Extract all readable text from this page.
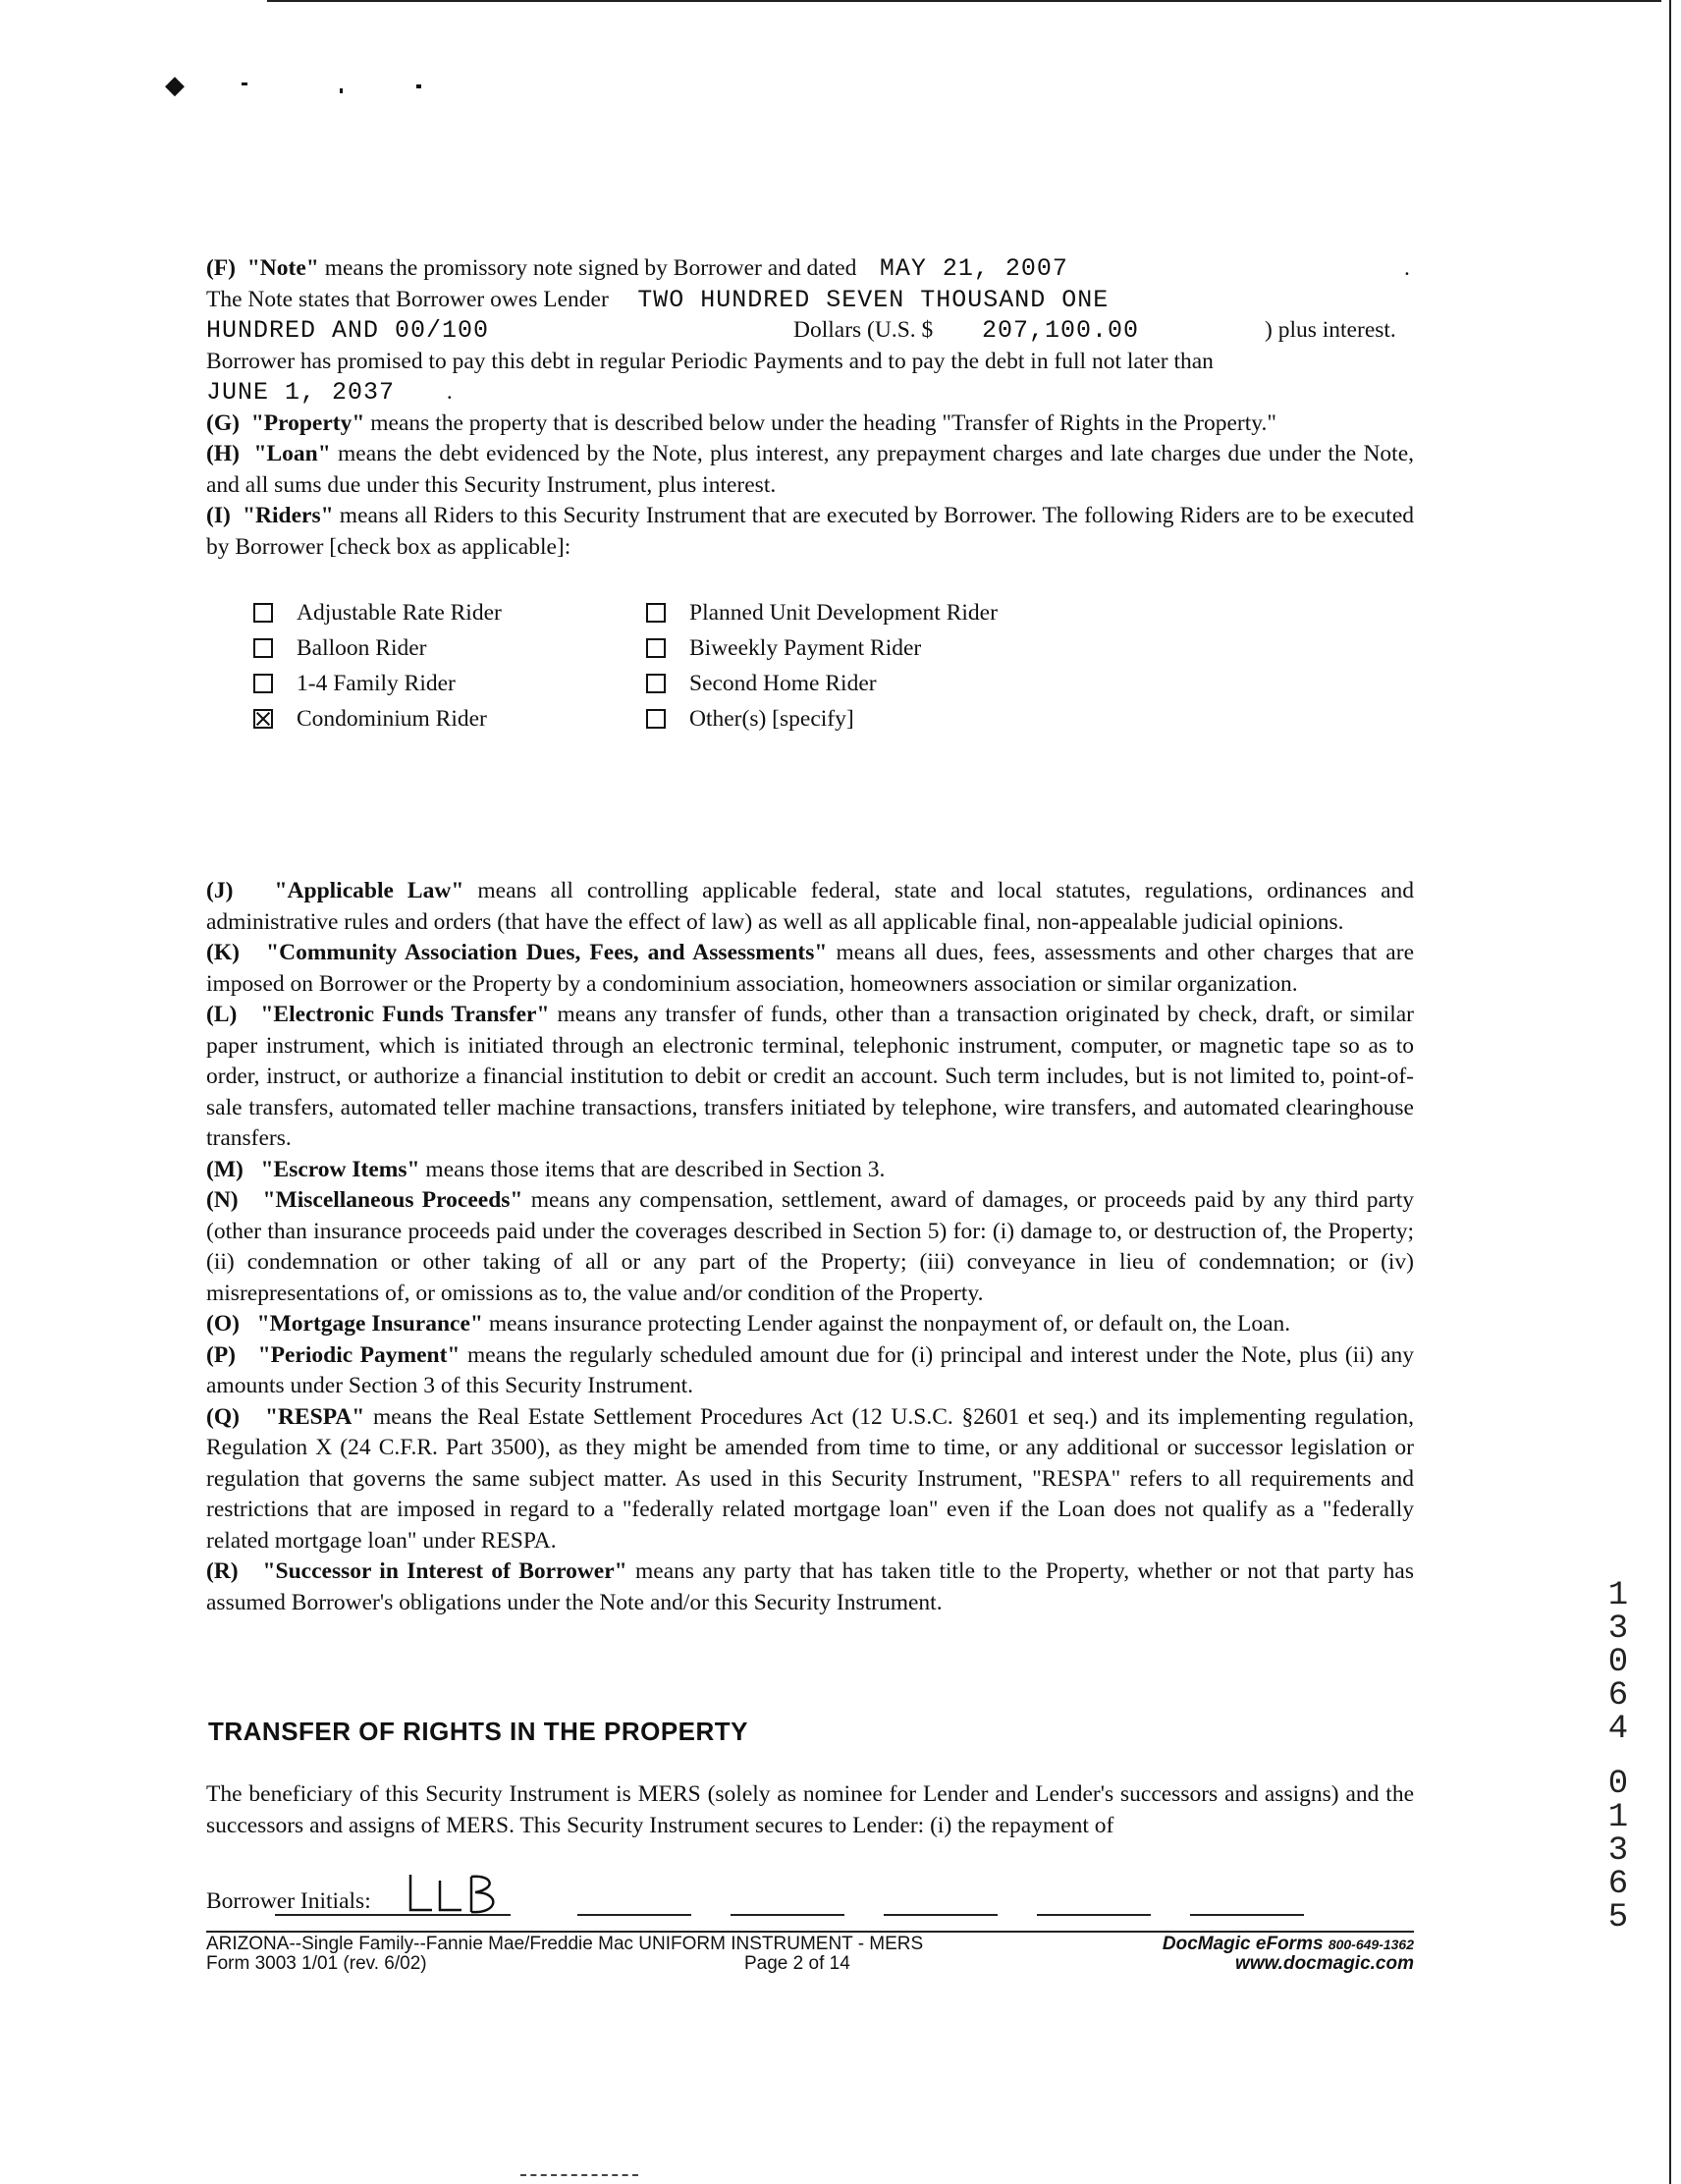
◆

(F) "Note" means the promissory note signed by Borrower and dated MAY 21, 2007	.
The Note states that Borrower owes Lender TWO HUNDRED SEVEN THOUSAND ONE
HUNDRED AND 00/100	Dollars (U.S. $ 207,100.00	) plus interest.
Borrower has promised to pay this debt in regular Periodic Payments and to pay the debt in full not later than
JUNE 1, 2037         .

(G) "Property" means the property that is described below under the heading "Transfer of Rights in the Property."

(H) "Loan" means the debt evidenced by the Note, plus interest, any prepayment charges and late charges due under the Note, and all sums due under this Security Instrument, plus interest.

(I) "Riders" means all Riders to this Security Instrument that are executed by Borrower. The following Riders are to be executed by Borrower [check box as applicable]:

Adjustable Rate Rider
Balloon Rider
1-4 Family Rider
Condominium Rider
Planned Unit Development Rider
Biweekly Payment Rider
Second Home Rider
Other(s) [specify]

(J) "Applicable Law" means all controlling applicable federal, state and local statutes, regulations, ordinances and administrative rules and orders (that have the effect of law) as well as all applicable final, non-appealable judicial opinions.

(K) "Community Association Dues, Fees, and Assessments" means all dues, fees, assessments and other charges that are imposed on Borrower or the Property by a condominium association, homeowners association or similar organization.

(L) "Electronic Funds Transfer" means any transfer of funds, other than a transaction originated by check, draft, or similar paper instrument, which is initiated through an electronic terminal, telephonic instrument, computer, or magnetic tape so as to order, instruct, or authorize a financial institution to debit or credit an account. Such term includes, but is not limited to, point-of-sale transfers, automated teller machine transactions, transfers initiated by telephone, wire transfers, and automated clearinghouse transfers.

(M) "Escrow Items" means those items that are described in Section 3.

(N) "Miscellaneous Proceeds" means any compensation, settlement, award of damages, or proceeds paid by any third party (other than insurance proceeds paid under the coverages described in Section 5) for: (i) damage to, or destruction of, the Property; (ii) condemnation or other taking of all or any part of the Property; (iii) conveyance in lieu of condemnation; or (iv) misrepresentations of, or omissions as to, the value and/or condition of the Property.

(O) "Mortgage Insurance" means insurance protecting Lender against the nonpayment of, or default on, the Loan.

(P) "Periodic Payment" means the regularly scheduled amount due for (i) principal and interest under the Note, plus (ii) any amounts under Section 3 of this Security Instrument.

(Q) "RESPA" means the Real Estate Settlement Procedures Act (12 U.S.C. §2601 et seq.) and its implementing regulation, Regulation X (24 C.F.R. Part 3500), as they might be amended from time to time, or any additional or successor legislation or regulation that governs the same subject matter. As used in this Security Instrument, "RESPA" refers to all requirements and restrictions that are imposed in regard to a "federally related mortgage loan" even if the Loan does not qualify as a "federally related mortgage loan" under RESPA.

(R) "Successor in Interest of Borrower" means any party that has taken title to the Property, whether or not that party has assumed Borrower's obligations under the Note and/or this Security Instrument.

TRANSFER OF RIGHTS IN THE PROPERTY
The beneficiary of this Security Instrument is MERS (solely as nominee for Lender and Lender's successors and assigns) and the successors and assigns of MERS. This Security Instrument secures to Lender: (i) the repayment of
Borrower Initials:
ARIZONA--Single Family--Fannie Mae/Freddie Mac UNIFORM INSTRUMENT - MERS
Form 3003 1/01 (rev. 6/02)	Page 2 of 14
DocMagic eForms 800-649-1362
www.docmagic.com
1
3
0
6
4
0
1
3
6
5
